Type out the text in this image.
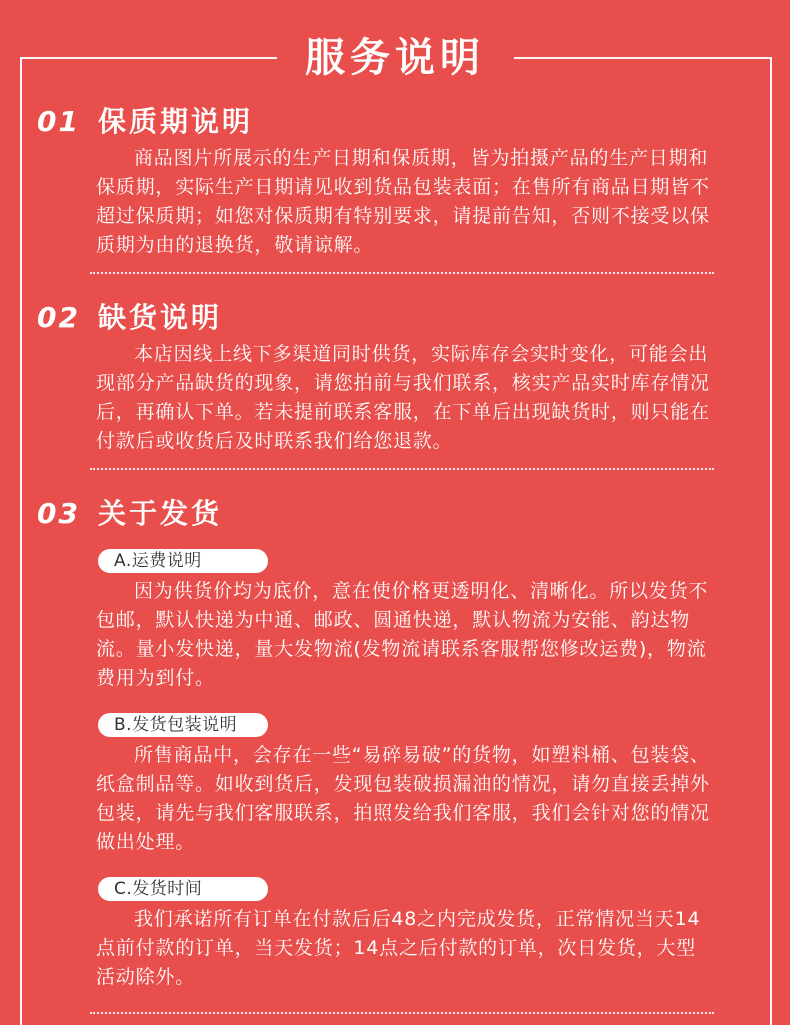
服务说明
01 保质期说明
商品图片所展示的生产日期和保质期，皆为拍摄产品的生产日期和保质期，实际生产日期请见收到货品包装表面；在售所有商品日期皆不超过保质期；如您对保质期有特别要求，请提前告知，否则不接受以保质期为由的退换货，敬请谅解。
02 缺货说明
本店因线上线下多渠道同时供货，实际库存会实时变化，可能会出现部分产品缺货的现象，请您拍前与我们联系，核实产品实时库存情况后，再确认下单。若未提前联系客服，在下单后出现缺货时，则只能在付款后或收货后及时联系我们给您退款。
03 关于发货
A.运费说明
因为供货价均为底价，意在使价格更透明化、清晰化。所以发货不包邮，默认快递为中通、邮政、圆通快递，默认物流为安能、韵达物流。量小发快递，量大发物流(发物流请联系客服帮您修改运费)，物流费用为到付。
B.发货包装说明
所售商品中，会存在一些“易碎易破”的货物，如塑料桶、包装袋、纸盒制品等。如收到货后，发现包装破损漏油的情况，请勿直接丢掉外包装，请先与我们客服联系，拍照发给我们客服，我们会针对您的情况做出处理。
C.发货时间
我们承诺所有订单在付款后后48之内完成发货，正常情况当天14点前付款的订单，当天发货；14点之后付款的订单，次日发货，大型活动除外。
